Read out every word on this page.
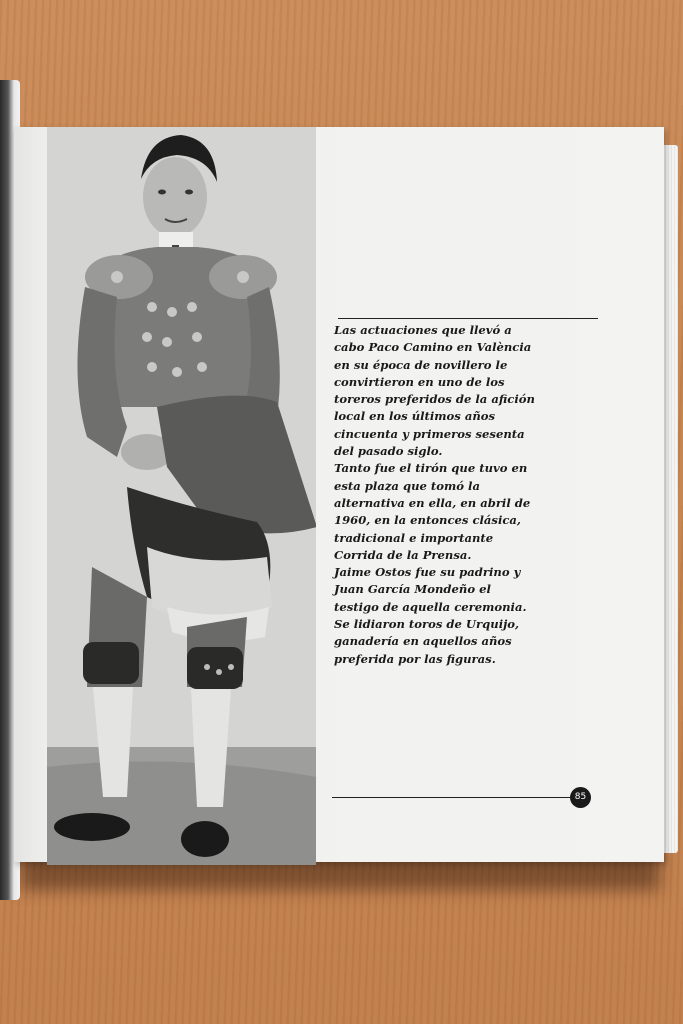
Las actuaciones que llevó a
cabo Paco Camino en València
en su época de novillero le
convirtieron en uno de los
toreros preferidos de la afición
local en los últimos años
cincuenta y primeros sesenta
del pasado siglo.
Tanto fue el tirón que tuvo en
esta plaza que tomó la
alternativa en ella, en abril de
1960, en la entonces clásica,
tradicional e importante
Corrida de la Prensa.
Jaime Ostos fue su padrino y
Juan García Mondeño el
testigo de aquella ceremonia.
Se lidiaron toros de Urquijo,
ganadería en aquellos años
preferida por las figuras.

85
